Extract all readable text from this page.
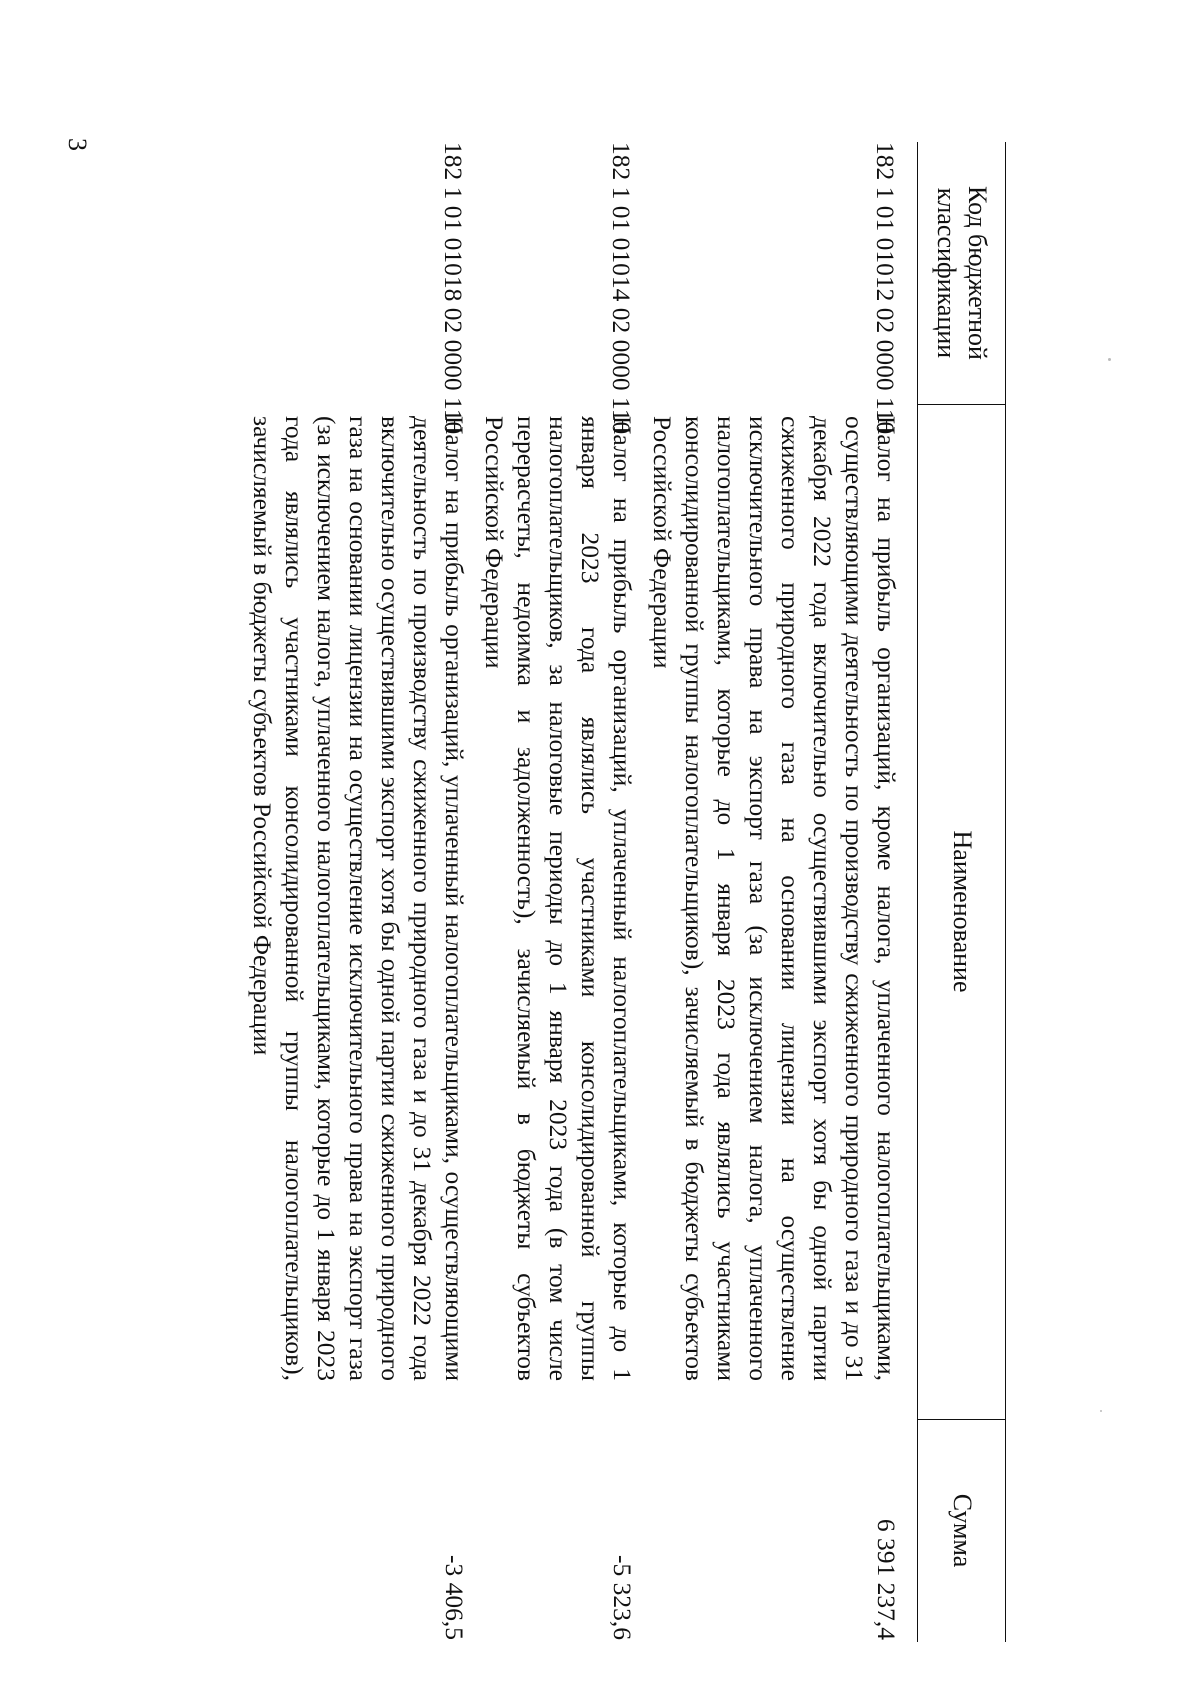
3
Код бюджетной классификации
Наименование
Сумма
182 1 01 01012 02 0000 110
Налог на прибыль организаций, кроме налога, уплаченного налогоплательщиками, осуществляющими деятельность по производству сжиженного природного газа и до 31 декабря 2022 года включительно осуществившими экспорт хотя бы одной партии сжиженного природного газа на основании лицензии на осуществление исключительного права на экспорт газа (за исключением налога, уплаченного налогоплательщиками, которые до 1 января 2023 года являлись участниками консолидированной группы налогоплательщиков), зачисляемый в бюджеты субъектов Российской Федерации
6 391 237,4
182 1 01 01014 02 0000 110
Налог на прибыль организаций, уплаченный налогоплательщиками, которые до 1 января 2023 года являлись участниками консолидированной группы налогоплательщиков, за налоговые периоды до 1 января 2023 года (в том числе перерасчеты, недоимка и задолженность), зачисляемый в бюджеты субъектов Российской Федерации
-5 323,6
182 1 01 01018 02 0000 110
Налог на прибыль организаций, уплаченный налогоплательщиками, осуществляющими деятельность по производству сжиженного природного газа и до 31 декабря 2022 года включительно осуществившими экспорт хотя бы одной партии сжиженного природного газа на основании лицензии на осуществление исключительного права на экспорт газа (за исключением налога, уплаченного налогоплательщиками, которые до 1 января 2023 года являлись участниками консолидированной группы налогоплательщиков), зачисляемый в бюджеты субъектов Российской Федерации
-3 406,5
